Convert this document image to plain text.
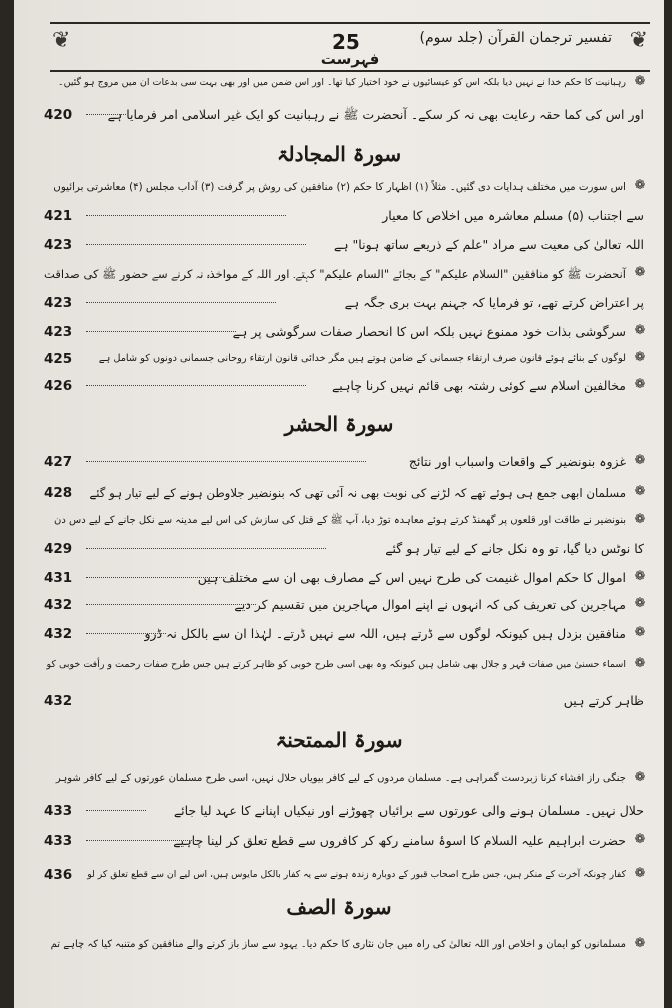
❦	تفسیر ترجمان القرآن (جلد سوم)
25	❦
فہرست
❁
رہبانیت کا حکم خدا نے نہیں دیا بلکہ اس کو عیسائیوں نے خود اختیار کیا تھا۔ اور اس ضمن میں اور بھی بہت سی بدعات ان میں مروج ہو گئیں۔
اور اس کی کما حقہ رعایت بھی نہ کر سکے۔ آنحضرت ﷺ نے رہبانیت کو ایک غیر اسلامی امر فرمایا ہے
420
سورۃ المجادلۃ
❁
اس سورت میں مختلف ہدایات دی گئیں۔ مثلاً (۱) اظہار کا حکم (۲) منافقین کی روش پر گرفت (۳) آداب مجلس (۴) معاشرتی برائیوں
سے اجتناب (۵) مسلم معاشرہ میں اخلاص کا معیار
421
اللہ تعالیٰ کی معیت سے مراد "علم کے ذریعے ساتھ ہونا" ہے
423
❁
آنحضرت ﷺ کو منافقین "السلام علیکم" کے بجائے "السام علیکم" کہتے۔ اور اللہ کے مواخذہ نہ کرنے سے حضور ﷺ کی صداقت
پر اعتراض کرتے تھے، تو فرمایا کہ جہنم بہت بری جگہ ہے
423
❁
سرگوشی بذات خود ممنوع نہیں بلکہ اس کا انحصار صفات سرگوشی پر ہے
423
❁
لوگوں کے بنائے ہوئے قانون صرف ارتقاء جسمانی کے ضامن ہوتے ہیں مگر خدائی قانون ارتقاء روحانی جسمانی دونوں کو شامل ہے
425
❁
مخالفین اسلام سے کوئی رشتہ بھی قائم نہیں کرنا چاہیے
426
سورۃ الحشر
❁
غزوہ بنونضیر کے واقعات واسباب اور نتائج
427
❁
مسلمان ابھی جمع ہی ہوئے تھے کہ لڑنے کی نوبت بھی نہ آئی تھی کہ بنونضیر جلاوطن ہونے کے لیے تیار ہو گئے
428
❁
بنونضیر نے طاقت اور قلعوں پر گھمنڈ کرتے ہوئے معاہدہ توڑ دیا، آپ ﷺ کے قتل کی سازش کی اس لیے مدینہ سے نکل جانے کے لیے دس دن
کا نوٹس دیا گیا، تو وہ نکل جانے کے لیے تیار ہو گئے
429
❁
اموال کا حکم اموال غنیمت کی طرح نہیں اس کے مصارف بھی ان سے مختلف ہیں
431
❁
مہاجرین کی تعریف کی کہ انہوں نے اپنے اموال مہاجرین میں تقسیم کر دیے
432
❁
منافقین بزدل ہیں کیونکہ لوگوں سے ڈرتے ہیں، اللہ سے نہیں ڈرتے۔ لہٰذا ان سے بالکل نہ ڈرو
432
❁
اسماء حسنیٰ میں صفات قہر و جلال بھی شامل ہیں کیونکہ وہ بھی اسی طرح خوبی کو ظاہر کرتے ہیں جس طرح صفات رحمت و رأفت خوبی کو
ظاہر کرتے ہیں
432
سورۃ الممتحنۃ
❁
جنگی راز افشاء کرنا زبردست گمراہی ہے۔ مسلمان مردوں کے لیے کافر بیویاں حلال نہیں، اسی طرح مسلمان عورتوں کے لیے کافر شوہر
حلال نہیں۔ مسلمان ہونے والی عورتوں سے برائیاں چھوڑنے اور نیکیاں اپنانے کا عہد لیا جائے
433
❁
حضرت ابراہیم علیہ السلام کا اسوۂ سامنے رکھ کر کافروں سے قطع تعلق کر لینا چاہیے
433
❁
کفار چونکہ آخرت کے منکر ہیں، جس طرح اصحاب قبور کے دوبارہ زندہ ہونے سے یہ کفار بالکل مایوس ہیں، اس لیے ان سے قطع تعلق کر لو
436
سورۃ الصف
❁
مسلمانوں کو ایمان و اخلاص اور اللہ تعالیٰ کی راہ میں جان نثاری کا حکم دیا۔ یہود سے ساز باز کرنے والے منافقین کو متنبہ کیا کہ چاہے تم
